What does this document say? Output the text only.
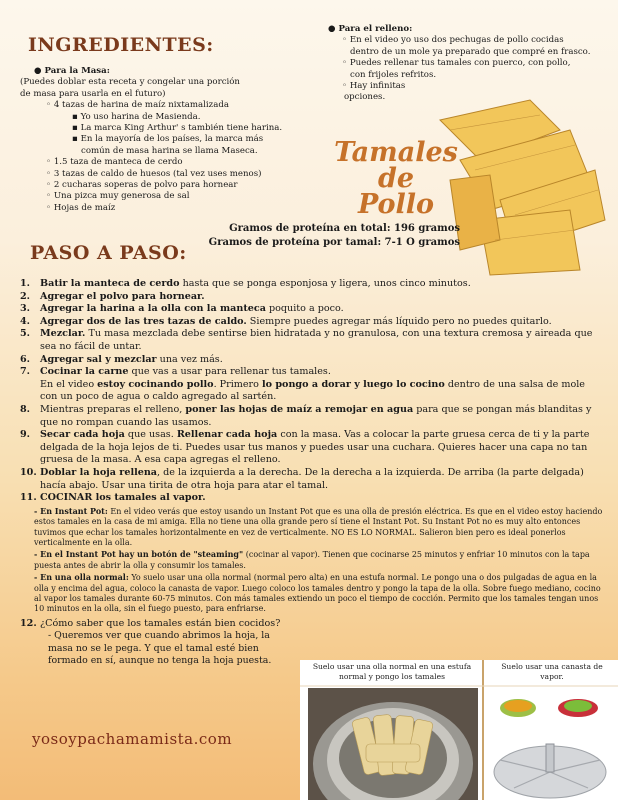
INGREDIENTES:
● Para la Masa:
(Puedes doblar esta receta y congelar una porción
de masa para usarla en el futuro)
◦ 4 tazas de harina de maíz nixtamalizada
▪ Yo uso harina de Masienda.
▪ La marca King Arthur' s también tiene harina.
▪ En la mayoría de los países, la marca más
común de masa harina se llama Maseca.
◦ 1.5 taza de manteca de cerdo
◦ 3 tazas de caldo de huesos (tal vez uses menos)
◦ 2 cucharas soperas de polvo para hornear
◦ Una pizca muy generosa de sal
◦ Hojas de maíz
● Para el relleno:
◦ En el video yo uso dos pechugas de pollo cocidas
dentro de un mole ya preparado que compré en frasco.
◦ Puedes rellenar tus tamales con puerco, con pollo,
con frijoles refritos.
◦ Hay infinitas
opciones.
Tamales de
Pollo
Gramos de proteína en total: 196 gramos
Gramos de proteína por tamal: 7-1 O gramos
PASO A PASO:
1.	Batir la manteca de cerdo hasta que se ponga esponjosa y ligera, unos cinco minutos.
2.	Agregar el polvo para hornear.
3.	Agregar la harina a la olla con la manteca poquito a poco.
4.	Agregar dos de las tres tazas de caldo. Siempre puedes agregar más líquido pero no puedes quitarlo.
5.	Mezclar. Tu masa mezclada debe sentirse bien hidratada y no granulosa, con una textura cremosa y aireada que sea no fácil de untar.
6.	Agregar sal y mezclar una vez más.
7.	Cocinar la carne que vas a usar para rellenar tus tamales.
En el video estoy cocinando pollo. Primero lo pongo a dorar y luego lo cocino dentro de una salsa de mole con un poco de agua o caldo agregado al sartén.
8.	Mientras preparas el relleno, poner las hojas de maíz a remojar en agua para que se pongan más blanditas y que no rompan cuando las usamos.
9.	Secar cada hoja que usas. Rellenar cada hoja con la masa. Vas a colocar la parte gruesa cerca de ti y la parte delgada de la hoja lejos de ti. Puedes usar tus manos y puedes usar una cuchara. Quieres hacer una capa no tan gruesa de la masa. A esa capa agregas el relleno.
10. Doblar la hoja rellena, de la izquierda a la derecha. De la derecha a la izquierda. De arriba (la parte delgada) hacía abajo. Usar una tirita de otra hoja para atar el tamal.
11. COCINAR los tamales al vapor.
- En Instant Pot: En el video verás que estoy usando un Instant Pot que es una olla de presión eléctrica. Es que en el video estoy haciendo estos tamales en la casa de mi amiga. Ella no tiene una olla grande pero sí tiene el Instant Pot. Su Instant Pot no es muy alto entonces tuvimos que echar los tamales horizontalmente en vez de verticalmente. NO ES LO NORMAL. Salieron bien pero es ideal ponerlos verticalmente en la olla.
- En el Instant Pot hay un botón de "steaming" (cocinar al vapor). Tienen que cocinarse 25 minutos y enfriar 10 minutos con la tapa puesta antes de abrir la olla y consumir los tamales.
- En una olla normal: Yo suelo usar una olla normal (normal pero alta) en una estufa normal. Le pongo una o dos pulgadas de agua en la olla y encima del agua, coloco la canasta de vapor. Luego coloco los tamales dentro y pongo la tapa de la olla. Sobre fuego mediano, cocino al vapor los tamales durante 60-75 minutos. Con más tamales extiendo un poco el tiempo de cocción. Permito que los tamales tengan unos 10 minutos en la olla, sin el fuego puesto, para enfriarse.
12. ¿Cómo saber que los tamales están bien cocidos?
- Queremos ver que cuando abrimos la hoja, la masa no se le pega. Y que el tamal esté bien formado en sí, aunque no tenga la hoja puesta.
yosoypachamamista.com
Suelo usar una olla normal en una estufa normal y pongo los tamales
Suelo usar una canasta de vapor.
